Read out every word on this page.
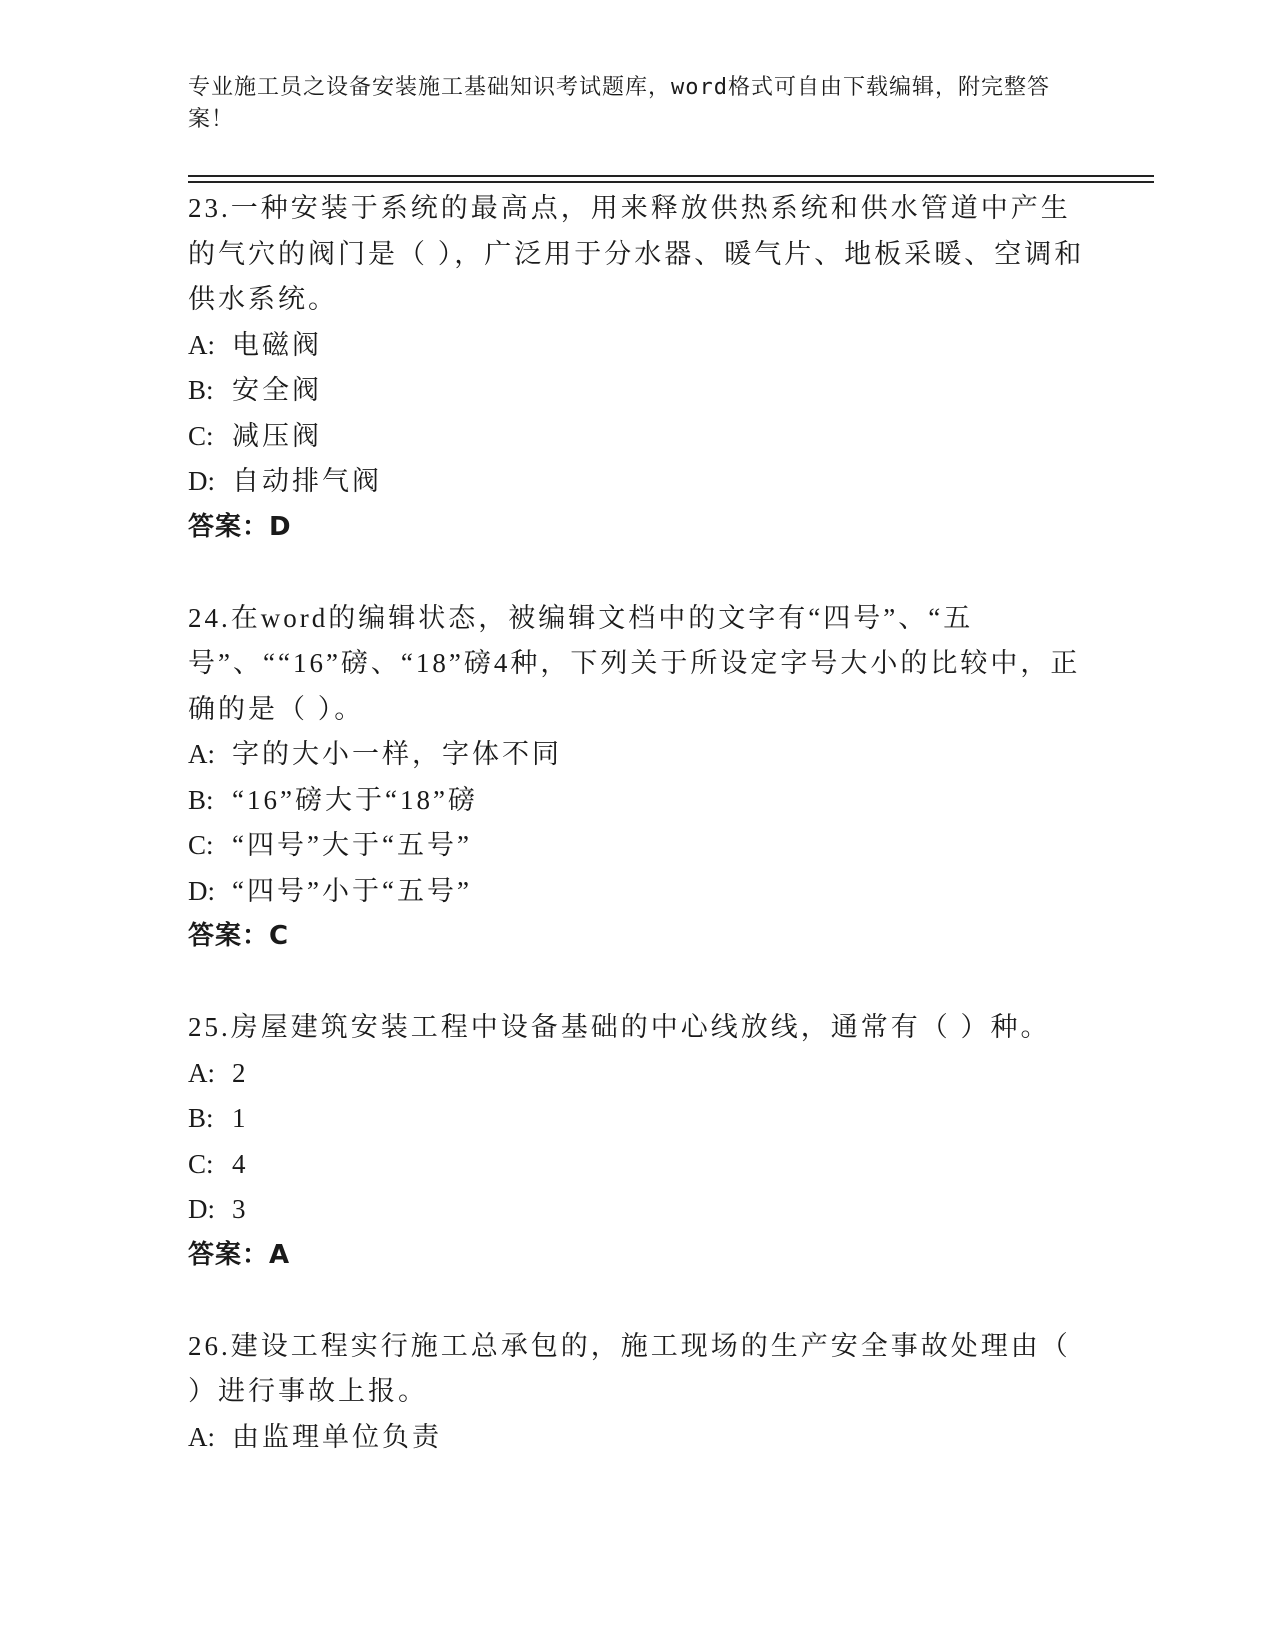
专业施工员之设备安装施工基础知识考试题库，word格式可自由下载编辑，附完整答案！

23.一种安装于系统的最高点，用来释放供热系统和供水管道中产生的气穴的阀门是（ ），广泛用于分水器、暖气片、地板采暖、空调和供水系统。

A: 电磁阀

B: 安全阀

C: 减压阀

D: 自动排气阀

答案：D

24.在word的编辑状态，被编辑文档中的文字有“四号”、“五号”、““16”磅、“18”磅4种，下列关于所设定字号大小的比较中，正确的是（ ）。

A: 字的大小一样，字体不同

B: “16”磅大于“18”磅

C: “四号”大于“五号”

D: “四号”小于“五号”

答案：C

25.房屋建筑安装工程中设备基础的中心线放线，通常有（ ）种。

A: 2

B: 1

C: 4

D: 3

答案：A

26.建设工程实行施工总承包的，施工现场的生产安全事故处理由（ ）进行事故上报。

A: 由监理单位负责
